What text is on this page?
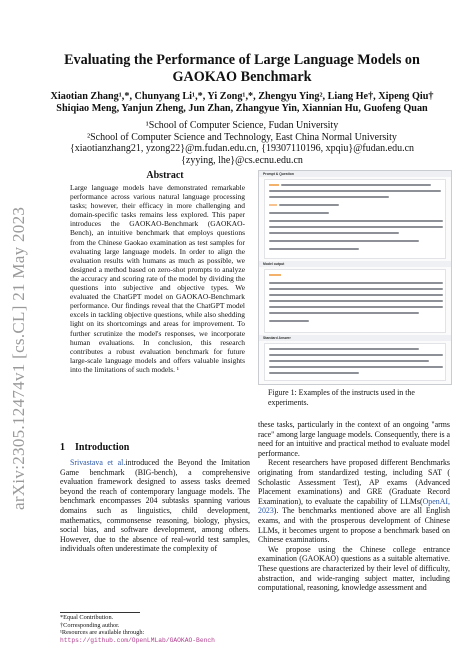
arXiv:2305.12474v1 [cs.CL] 21 May 2023
Evaluating the Performance of Large Language Models on GAOKAO Benchmark
Xiaotian Zhang¹,*, Chunyang Li¹,*, Yi Zong¹,*, Zhengyu Ying², Liang He†, Xipeng Qiu†
Shiqiao Meng, Yanjun Zheng, Jun Zhan, Zhangyue Yin, Xiannian Hu, Guofeng Quan
¹School of Computer Science, Fudan University
²School of Computer Science and Technology, East China Normal University
{xiaotianzhang21, yzong22}@m.fudan.edu.cn, {19307110196, xpqiu}@fudan.edu.cn
{zyying, lhe}@cs.ecnu.edu.cn
Abstract
Large language models have demonstrated remarkable performance across various natural language processing tasks; however, their efficacy in more challenging and domain-specific tasks remains less explored. This paper introduces the GAOKAO-Benchmark (GAOKAO-Bench), an intuitive benchmark that employs questions from the Chinese Gaokao examination as test samples for evaluating large language models. In order to align the evaluation results with humans as much as possible, we designed a method based on zero-shot prompts to analyze the accuracy and scoring rate of the model by dividing the questions into subjective and objective types. We evaluated the ChatGPT model on GAOKAO-Benchmark performance. Our findings reveal that the ChatGPT model excels in tackling objective questions, while also shedding light on its shortcomings and areas for improvement. To further scrutinize the model's responses, we incorporate human evaluations. In conclusion, this research contributes a robust evaluation benchmark for future large-scale language models and offers valuable insights into the limitations of such models. ¹
1 Introduction

Srivastava et al.introduced the Beyond the Imitation Game benchmark (BIG-bench), a comprehensive evaluation framework designed to assess tasks deemed beyond the reach of contemporary language models. The benchmark encompasses 204 subtasks spanning various domains such as linguistics, child development, mathematics, commonsense reasoning, biology, physics, social bias, and software development, among others. However, due to the absence of real-world test samples, individuals often underestimate the complexity of

*Equal Contribution.
†Corresponding author.
¹Resources are available through: https://github.com/OpenLMLab/GAOKAO-Bench
Prompt & Question
Model output
Standard Answer
Figure 1: Examples of the instructs used in the experiments.

these tasks, particularly in the context of an ongoing "arms race" among large language models. Consequently, there is a need for an intuitive and practical method to evaluate model performance.

Recent researchers have proposed different Benchmarks originating from standardized testing, including SAT ( Scholastic Assessment Test), AP exams (Advanced Placement examinations) and GRE (Graduate Record Examination), to evaluate the capability of LLMs(OpenAI, 2023). The benchmarks mentioned above are all English exams, and with the prosperous development of Chinese LLMs, it becomes urgent to propose a benchmark based on Chinese examinations.

We propose using the Chinese college entrance examination (GAOKAO) questions as a suitable alternative. These questions are characterized by their level of difficulty, abstraction, and wide-ranging subject matter, including computational, reasoning, knowledge assessment and
